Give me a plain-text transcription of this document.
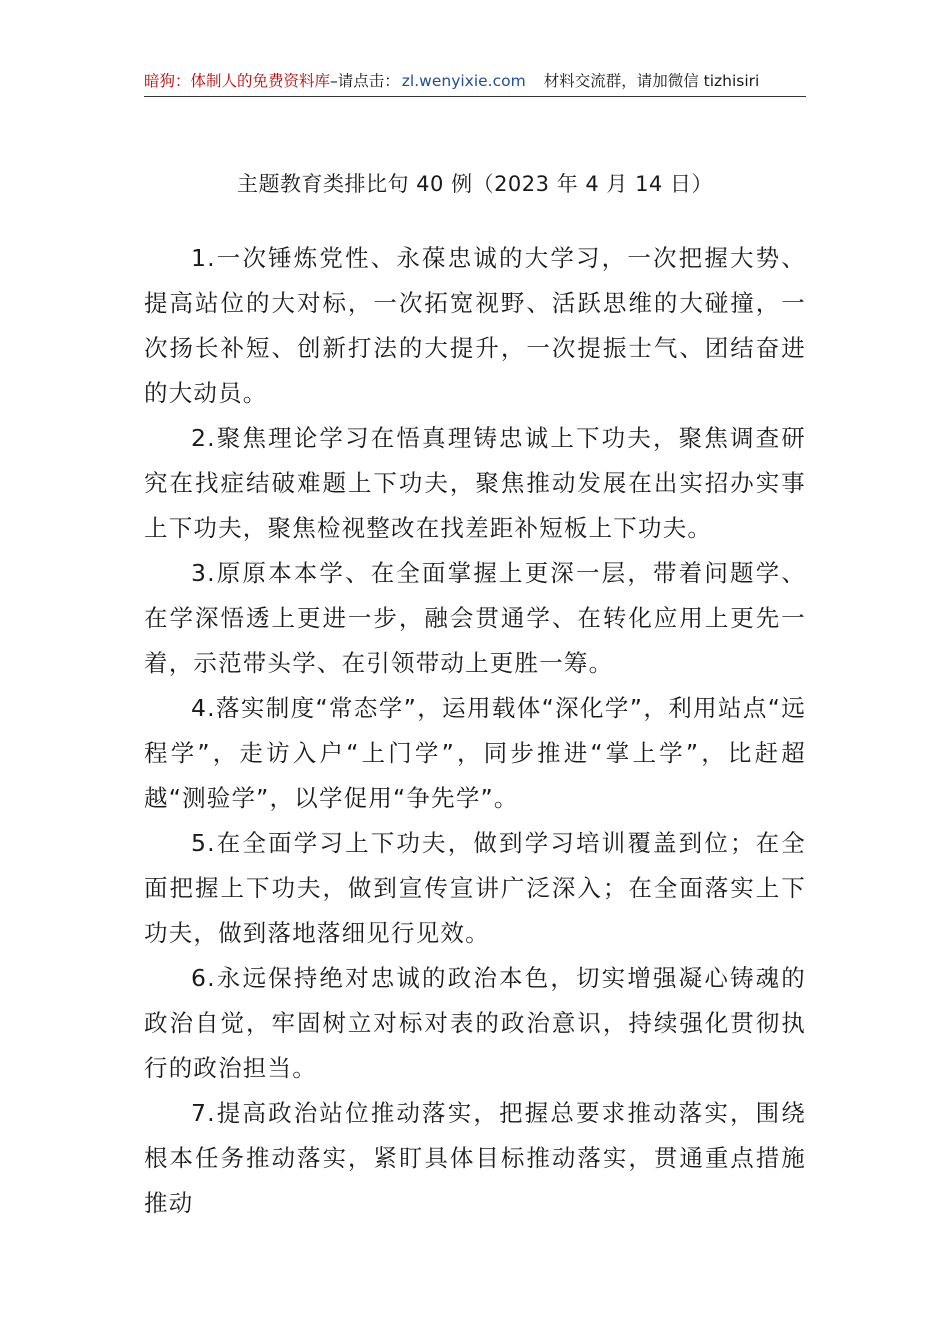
暗狗：体制人的免费资料库–请点击： zl.wenyixie.com 材料交流群，请加微信 tizhisiri
主题教育类排比句 40 例（2023 年 4 月 14 日）

1.一次锤炼党性、永葆忠诚的大学习，一次把握大势、提高站位的大对标，一次拓宽视野、活跃思维的大碰撞，一次扬长补短、创新打法的大提升，一次提振士气、团结奋进的大动员。

2.聚焦理论学习在悟真理铸忠诚上下功夫，聚焦调查研究在找症结破难题上下功夫，聚焦推动发展在出实招办实事上下功夫，聚焦检视整改在找差距补短板上下功夫。

3.原原本本学、在全面掌握上更深一层，带着问题学、在学深悟透上更进一步，融会贯通学、在转化应用上更先一着，示范带头学、在引领带动上更胜一筹。

4.落实制度“常态学”，运用载体“深化学”，利用站点“远程学”，走访入户“上门学”，同步推进“掌上学”，比赶超越“测验学”，以学促用“争先学”。

5.在全面学习上下功夫，做到学习培训覆盖到位；在全面把握上下功夫，做到宣传宣讲广泛深入；在全面落实上下功夫，做到落地落细见行见效。

6.永远保持绝对忠诚的政治本色，切实增强凝心铸魂的政治自觉，牢固树立对标对表的政治意识，持续强化贯彻执行的政治担当。

7.提高政治站位推动落实，把握总要求推动落实，围绕根本任务推动落实，紧盯具体目标推动落实，贯通重点措施推动
